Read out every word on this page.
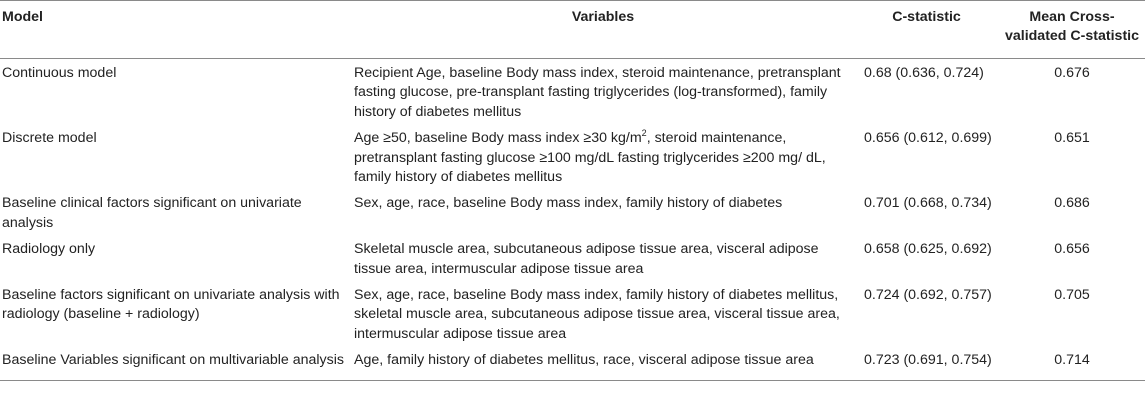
Model	Variables	C-statistic	Mean Cross-validated C-statistic
Continuous model	Recipient Age, baseline Body mass index, steroid maintenance, pretransplant fasting glucose, pre-transplant fasting triglycerides (log-transformed), family history of diabetes mellitus	0.68 (0.636, 0.724)	0.676
Discrete model	Age ≥50, baseline Body mass index ≥30 $kg/m^2$, steroid maintenance, pretransplant fasting glucose ≥100 mg/dL fasting triglycerides ≥200 mg/ dL, family history of diabetes mellitus	0.656 (0.612, 0.699)	0.651
Baseline clinical factors significant on univariate analysis	Sex, age, race, baseline Body mass index, family history of diabetes	0.701 (0.668, 0.734)	0.686
Radiology only	Skeletal muscle area, subcutaneous adipose tissue area, visceral adipose tissue area, intermuscular adipose tissue area	0.658 (0.625, 0.692)	0.656
Baseline factors significant on univariate analysis with radiology (baseline + radiology)	Sex, age, race, baseline Body mass index, family history of diabetes mellitus, skeletal muscle area, subcutaneous adipose tissue area, visceral tissue area, intermuscular adipose tissue area	0.724 (0.692, 0.757)	0.705
Baseline Variables significant on multivariable analysis	Age, family history of diabetes mellitus, race, visceral adipose tissue area	0.723 (0.691, 0.754)	0.714
